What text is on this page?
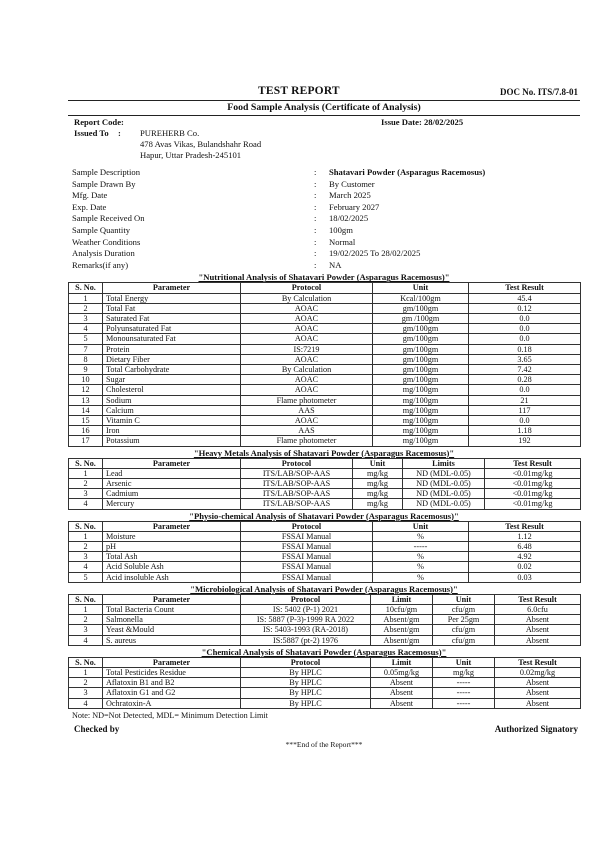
TEST REPORT	DOC No. ITS/7.8-01
Food Sample Analysis (Certificate of Analysis)
Report Code:	Issue Date: 28/02/2025
Issued To : PUREHERB Co.
478 Avas Vikas, Bulandshahr Road
Hapur, Uttar Pradesh-245101
Sample Description	: Shatavari Powder (Asparagus Racemosus)
Sample Drawn By	: By Customer
Mfg. Date	: March 2025
Exp. Date	: February 2027
Sample Received On	: 18/02/2025
Sample Quantity	: 100gm
Weather Conditions	: Normal
Analysis Duration	: 19/02/2025 To 28/02/2025
Remarks(if any)	: NA
"Nutritional Analysis of Shatavari Powder (Asparagus Racemosus)"
S. No.	Parameter	Protocol	Unit	Test Result
1	Total Energy	By Calculation	Kcal/100gm	45.4
2	Total Fat	AOAC	gm/100gm	0.12
3	Saturated Fat	AOAC	gm /100gm	0.0
4	Polyunsaturated Fat	AOAC	gm/100gm	0.0
5	Monounsaturated Fat	AOAC	gm/100gm	0.0
7	Protein	IS:7219	gm/100gm	0.18
8	Dietary Fiber	AOAC	gm/100gm	3.65
9	Total Carbohydrate	By Calculation	gm/100gm	7.42
10	Sugar	AOAC	gm/100gm	0.28
12	Cholesterol	AOAC	mg/100gm	0.0
13	Sodium	Flame photometer	mg/100gm	21
14	Calcium	AAS	mg/100gm	117
15	Vitamin C	AOAC	mg/100gm	0.0
16	Iron	AAS	mg/100gm	1.18
17	Potassium	Flame photometer	mg/100gm	192
"Heavy Metals Analysis of Shatavari Powder (Asparagus Racemosus)"
S. No.	Parameter	Protocol	Unit	Limits	Test Result
1	Lead	ITS/LAB/SOP-AAS	mg/kg	ND (MDL-0.05)	<0.01mg/kg
2	Arsenic	ITS/LAB/SOP-AAS	mg/kg	ND (MDL-0.05)	<0.01mg/kg
3	Cadmium	ITS/LAB/SOP-AAS	mg/kg	ND (MDL-0.05)	<0.01mg/kg
4	Mercury	ITS/LAB/SOP-AAS	mg/kg	ND (MDL-0.05)	<0.01mg/kg
"Physio-chemical Analysis of Shatavari Powder (Asparagus Racemosus)"
S. No.	Parameter	Protocol	Unit	Test Result
1	Moisture	FSSAI Manual	%	1.12
2	pH	FSSAI Manual	-----	6.48
3	Total Ash	FSSAI Manual	%	4.92
4	Acid Soluble Ash	FSSAI Manual	%	0.02
5	Acid insoluble Ash	FSSAI Manual	%	0.03
"Microbiological Analysis of Shatavari Powder (Asparagus Racemosus)"
S. No.	Parameter	Protocol	Limit	Unit	Test Result
1	Total Bacteria Count	IS: 5402 (P-1) 2021	10cfu/gm	cfu/gm	6.0cfu
2	Salmonella	IS: 5887 (P-3)-1999 RA 2022	Absent/gm	Per 25gm	Absent
3	Yeast &Mould	IS: 5403-1993 (RA-2018)	Absent/gm	cfu/gm	Absent
4	S. aureus	IS:5887 (pt-2) 1976	Absent/gm	cfu/gm	Absent
"Chemical Analysis of Shatavari Powder (Asparagus Racemosus)"
S. No.	Parameter	Protocol	Limit	Unit	Test Result
1	Total Pesticides Residue	By HPLC	0.05mg/kg	mg/kg	0.02mg/kg
2	Aflatoxin B1 and B2	By HPLC	Absent	-----	Absent
3	Aflatoxin G1 and G2	By HPLC	Absent	-----	Absent
4	Ochratoxin-A	By HPLC	Absent	-----	Absent
Note: ND=Not Detected, MDL= Minimum Detection Limit
Checked by	Authorized Signatory
***End of the Report***
